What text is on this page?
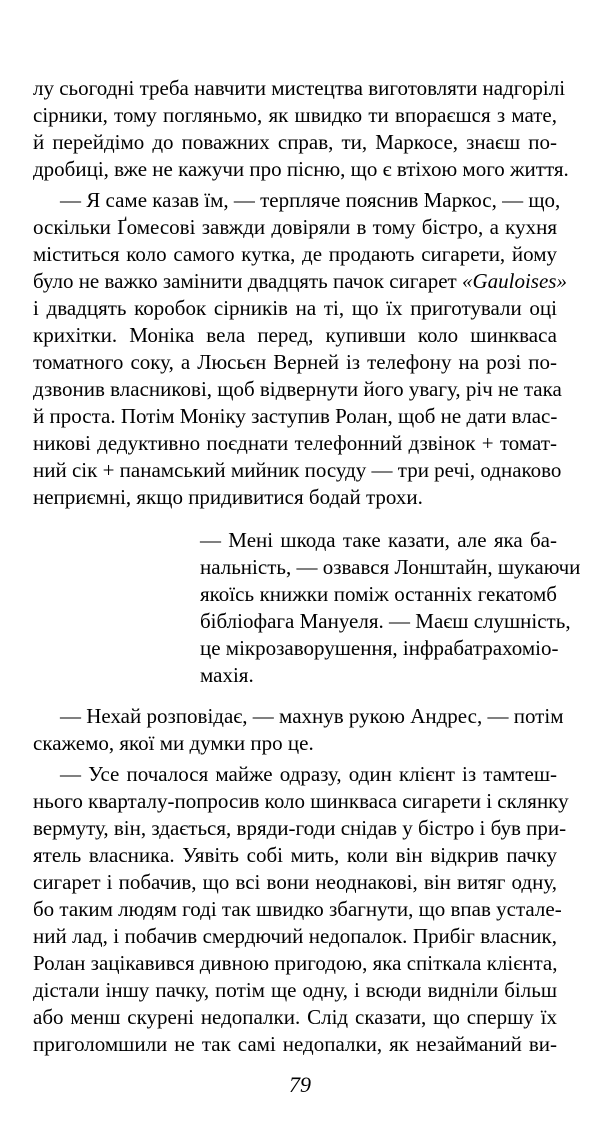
лу сьогодні треба навчити мистецтва виготовляти надгорілі
сірники, тому погляньмо, як швидко ти впораєшся з мате,
й перейдімо до поважних справ, ти, Маркосе, знаєш по-
дробиці, вже не кажучи про пісню, що є втіхою мого життя.
— Я саме казав їм, — терпляче пояснив Маркос, — що,
оскільки Ґомесові завжди довіряли в тому бістро, а кухня
міститься коло самого кутка, де продають сигарети, йому
було не важко замінити двадцять пачок сигарет «Gauloises»
і двадцять коробок сірників на ті, що їх приготували оці
крихітки. Моніка вела перед, купивши коло шинкваса
томатного соку, а Люсьєн Верней із телефону на розі по-
дзвонив власникові, щоб відвернути його увагу, річ не така
й проста. Потім Моніку заступив Ролан, щоб не дати влас-
никові дедуктивно поєднати телефонний дзвінок + томат-
ний сік + панамський мийник посуду — три речі, однаково
неприємні, якщо придивитися бодай трохи.
— Мені шкода таке казати, але яка ба-
нальність, — озвався Лонштайн, шукаючи
якоїсь книжки поміж останніх гекатомб
бібліофага Мануеля. — Маєш слушність,
це мікрозаворушення, інфрабатрахоміо-
махія.
— Нехай розповідає, — махнув рукою Андрес, — потім
скажемо, якої ми думки про це.
— Усе почалося майже одразу, один клієнт із тамтеш-
нього кварталу-попросив коло шинкваса сигарети і склянку
вермуту, він, здається, вряди-годи снідав у бістро і був при-
ятель власника. Уявіть собі мить, коли він відкрив пачку
сигарет і побачив, що всі вони неоднакові, він витяг одну,
бо таким людям годі так швидко збагнути, що впав устале-
ний лад, і побачив смердючий недопалок. Прибіг власник,
Ролан зацікавився дивною пригодою, яка спіткала клієнта,
дістали іншу пачку, потім ще одну, і всюди видніли більш
або менш скурені недопалки. Слід сказати, що спершу їх
приголомшили не так самі недопалки, як незайманий ви-
79
